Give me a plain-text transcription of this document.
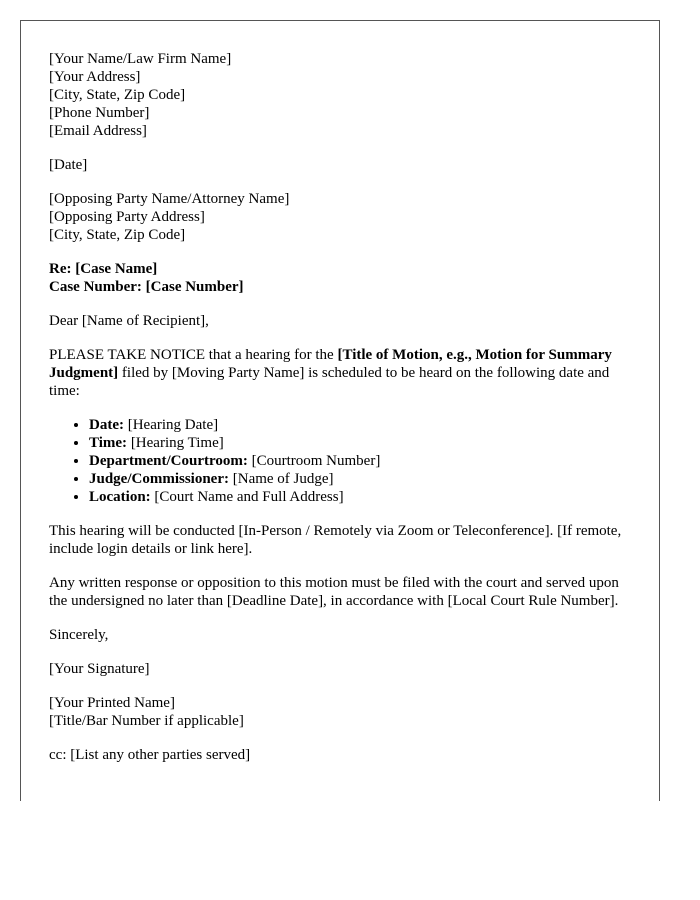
[Your Name/Law Firm Name]
[Your Address]
[City, State, Zip Code]
[Phone Number]
[Email Address]
[Date]
[Opposing Party Name/Attorney Name]
[Opposing Party Address]
[City, State, Zip Code]
Re: [Case Name]
Case Number: [Case Number]

Dear [Name of Recipient],

PLEASE TAKE NOTICE that a hearing for the [Title of Motion, e.g., Motion for Summary Judgment] filed by [Moving Party Name] is scheduled to be heard on the following date and time:

• Date: [Hearing Date]
• Time: [Hearing Time]
• Department/Courtroom: [Courtroom Number]
• Judge/Commissioner: [Name of Judge]
• Location: [Court Name and Full Address]

This hearing will be conducted [In-Person / Remotely via Zoom or Teleconference]. [If remote, include login details or link here].

Any written response or opposition to this motion must be filed with the court and served upon the undersigned no later than [Deadline Date], in accordance with [Local Court Rule Number].

Sincerely,

[Your Signature]

[Your Printed Name]
[Title/Bar Number if applicable]

cc: [List any other parties served]
